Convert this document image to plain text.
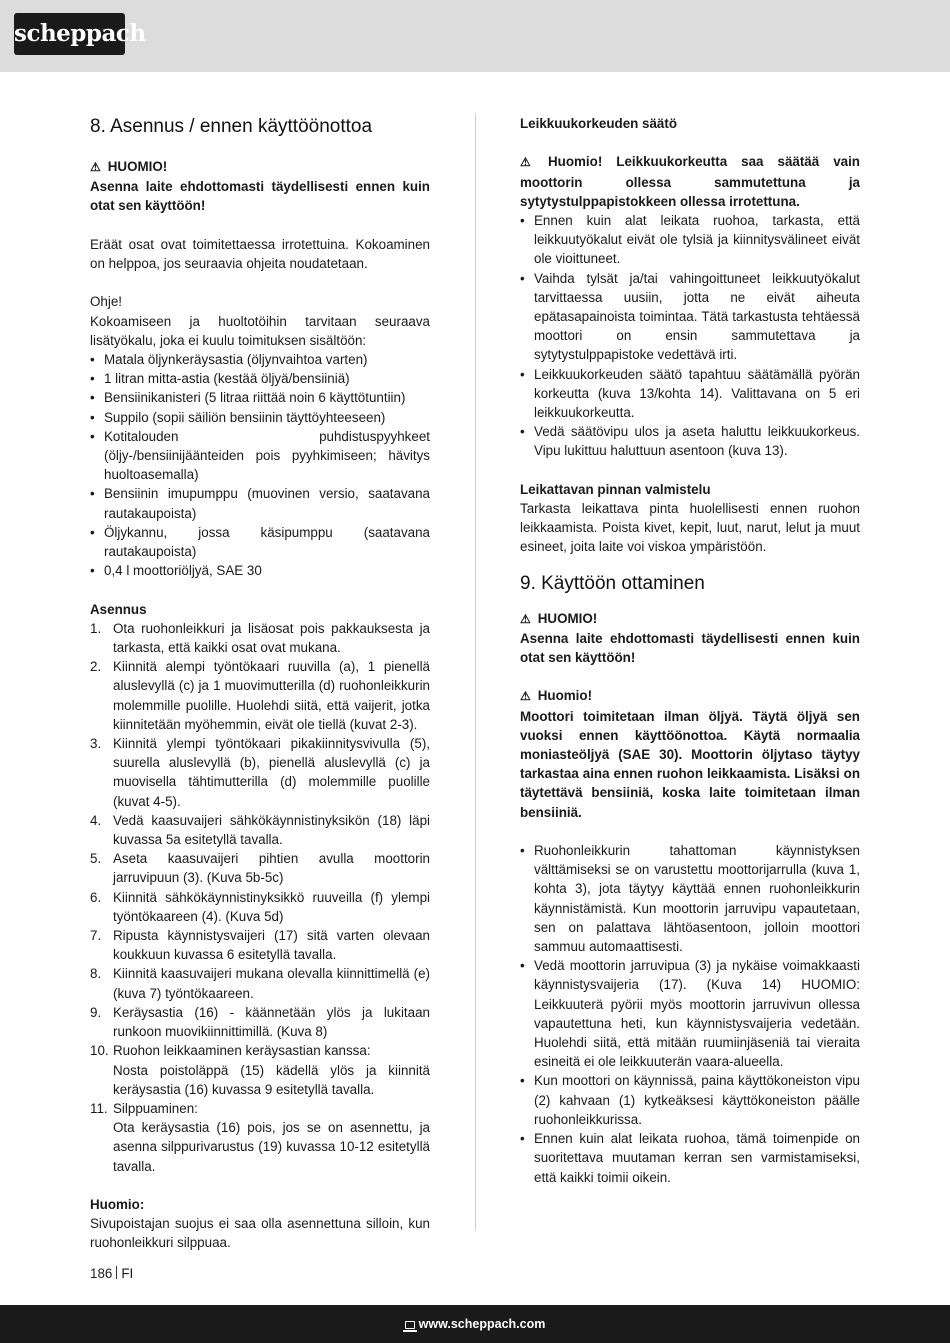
scheppach
8. Asennus / ennen käyttöönottoa
⚠ HUOMIO!

Asenna laite ehdottomasti täydellisesti ennen kuin otat sen käyttöön!

Eräät osat ovat toimitettaessa irrotettuina. Kokoaminen on helppoa, jos seuraavia ohjeita noudatetaan.

Ohje!

Kokoamiseen ja huoltotöihin tarvitaan seuraava lisätyökalu, joka ei kuulu toimituksen sisältöön:

• Matala öljynkeräysastia (öljynvaihtoa varten)
• 1 litran mitta-astia (kestää öljyä/bensiiniä)
• Bensiinikanisteri (5 litraa riittää noin 6 käyttötuntiin)
• Suppilo (sopii säiliön bensiinin täyttöyhteeseen)
• Kotitalouden puhdistuspyyhkeet (öljy-/bensiinijäänteiden pois pyyhkimiseen; hävitys huoltoasemalla)
• Bensiinin imupumppu (muovinen versio, saatavana rautakaupoista)
• Öljykannu, jossa käsipumppu (saatavana rautakaupoista)
• 0,4 l moottoriöljyä, SAE 30

Asennus

1. Ota ruohonleikkuri ja lisäosat pois pakkauksesta ja tarkasta, että kaikki osat ovat mukana.
2. Kiinnitä alempi työntökaari ruuvilla (a), 1 pienellä aluslevyllä (c) ja 1 muovimutterilla (d) ruohonleikkurin molemmille puolille. Huolehdi siitä, että vaijerit, jotka kiinnitetään myöhemmin, eivät ole tiellä (kuvat 2-3).
3. Kiinnitä ylempi työntökaari pikakiinnitysvivulla (5), suurella aluslevyllä (b), pienellä aluslevyllä (c) ja muovisella tähtimutterilla (d) molemmille puolille (kuvat 4-5).
4. Vedä kaasuvaijeri sähkökäynnistinyksikön (18) läpi kuvassa 5a esitetyllä tavalla.
5. Aseta kaasuvaijeri pihtien avulla moottorin jarruvipuun (3). (Kuva 5b-5c)
6. Kiinnitä sähkökäynnistinyksikkö ruuveilla (f) ylempi työntökaareen (4). (Kuva 5d)
7. Ripusta käynnistysvaijeri (17) sitä varten olevaan koukkuun kuvassa 6 esitetyllä tavalla.
8. Kiinnitä kaasuvaijeri mukana olevalla kiinnittimellä (e) (kuva 7) työntökaareen.
9. Keräysastia (16) - käännetään ylös ja lukitaan runkoon muovikiinnittimillä. (Kuva 8)
10. Ruohon leikkaaminen keräysastian kanssa:
Nosta poistoläppä (15) kädellä ylös ja kiinnitä keräysastia (16) kuvassa 9 esitetyllä tavalla.
11. Silppuaminen:
Ota keräysastia (16) pois, jos se on asennettu, ja asenna silppurivarustus (19) kuvassa 10-12 esitetyllä tavalla.

Huomio:

Sivupoistajan suojus ei saa olla asennettuna silloin, kun ruohonleikkuri silppuaa.

Leikkuukorkeuden säätö

⚠ Huomio! Leikkuukorkeutta saa säätää vain moottorin ollessa sammutettuna ja sytytystulppapistokkeen ollessa irrotettuna.

• Ennen kuin alat leikata ruohoa, tarkasta, että leikkuutyökalut eivät ole tylsiä ja kiinnitysvälineet eivät ole vioittuneet.
• Vaihda tylsät ja/tai vahingoittuneet leikkuutyökalut tarvittaessa uusiin, jotta ne eivät aiheuta epätasapainoista toimintaa. Tätä tarkastusta tehtäessä moottori on ensin sammutettava ja sytytystulppapistoke vedettävä irti.
• Leikkuukorkeuden säätö tapahtuu säätämällä pyörän korkeutta (kuva 13/kohta 14). Valittavana on 5 eri leikkuukorkeutta.
• Vedä säätövipu ulos ja aseta haluttu leikkuukorkeus. Vipu lukittuu haluttuun asentoon (kuva 13).

Leikattavan pinnan valmistelu

Tarkasta leikattava pinta huolellisesti ennen ruohon leikkaamista. Poista kivet, kepit, luut, narut, lelut ja muut esineet, joita laite voi viskoa ympäristöön.

9. Käyttöön ottaminen
⚠ HUOMIO!

Asenna laite ehdottomasti täydellisesti ennen kuin otat sen käyttöön!

⚠ Huomio!

Moottori toimitetaan ilman öljyä. Täytä öljyä sen vuoksi ennen käyttöönottoa. Käytä normaalia moniasteöljyä (SAE 30). Moottorin öljytaso täytyy tarkastaa aina ennen ruohon leikkaamista. Lisäksi on täytettävä bensiiniä, koska laite toimitetaan ilman bensiiniä.

• Ruohonleikkurin tahattoman käynnistyksen välttämiseksi se on varustettu moottorijarrulla (kuva 1, kohta 3), jota täytyy käyttää ennen ruohonleikkurin käynnistämistä. Kun moottorin jarruvipu vapautetaan, sen on palattava lähtöasentoon, jolloin moottori sammuu automaattisesti.
• Vedä moottorin jarruvipua (3) ja nykäise voimakkaasti käynnistysvaijeria (17). (Kuva 14) HUOMIO: Leikkuuterä pyörii myös moottorin jarruvivun ollessa vapautettuna heti, kun käynnistysvaijeria vedetään. Huolehdi siitä, että mitään ruumiinjäseniä tai vieraita esineitä ei ole leikkuuterän vaara-alueella.
• Kun moottori on käynnissä, paina käyttökoneiston vipu (2) kahvaan (1) kytkeäksesi käyttökoneiston päälle ruohonleikkurissa.
• Ennen kuin alat leikata ruohoa, tämä toimenpide on suoritettava muutaman kerran sen varmistamiseksi, että kaikki toimii oikein.
186 FI
www.scheppach.com
